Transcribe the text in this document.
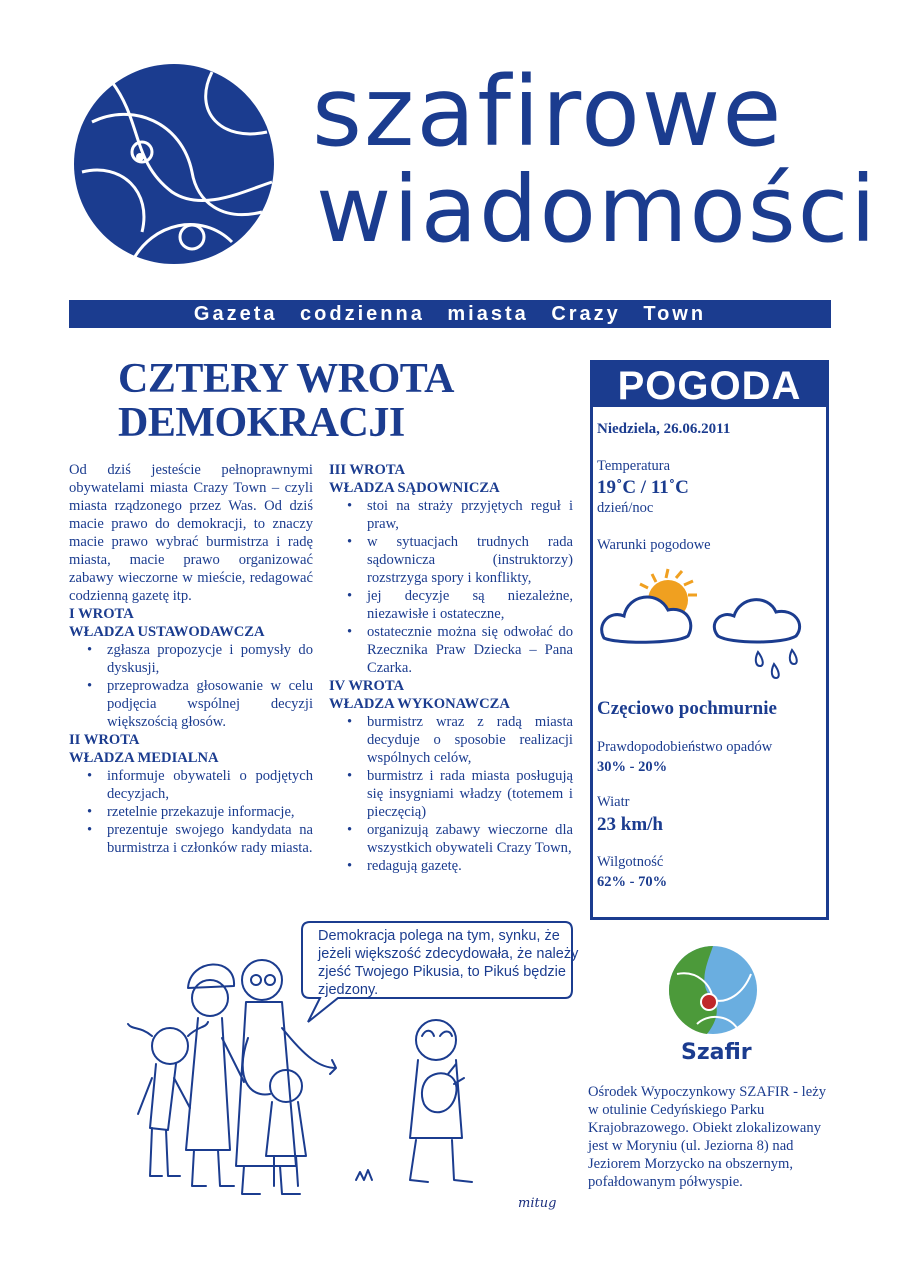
szafirowe
wiadomości
Gazeta codzienna miasta Crazy Town
CZTERY WROTA
DEMOKRACJI

Od dziś jesteście pełnoprawnymi obywatelami miasta Crazy Town – czyli miasta rządzonego przez Was. Od dziś macie prawo do demokracji, to znaczy macie prawo wybrać burmistrza i radę miasta, macie prawo organizować zabawy wieczorne w mieście, redagować codzienną gazetę itp.

I WROTA

WŁADZA USTAWODAWCZA

• zgłasza propozycje i pomysły do dyskusji,
• przeprowadza głosowanie w celu podjęcia wspólnej decyzji większością głosów.

II WROTA

WŁADZA MEDIALNA

• informuje obywateli o podjętych decyzjach,
• rzetelnie przekazuje informacje,
• prezentuje swojego kandydata na burmistrza i członków rady miasta.

III WROTA

WŁADZA SĄDOWNICZA

• stoi na straży przyjętych reguł i praw,
• w sytuacjach trudnych rada sądownicza (instruktorzy) rozstrzyga spory i konflikty,
• jej decyzje są niezależne, niezawisłe i ostateczne,
• ostatecznie można się odwołać do Rzecznika Praw Dziecka – Pana Czarka.

IV WROTA

WŁADZA WYKONAWCZA

• burmistrz wraz z radą miasta decyduje o sposobie realizacji wspólnych celów,
• burmistrz i rada miasta posługują się insygniami władzy (totemem i pieczęcią)
• organizują zabawy wieczorne dla wszystkich obywateli Crazy Town,
• redagują gazetę.
POGODA
Niedziela, 26.06.2011
Temperatura
19˚C / 11˚C
dzień/noc
Warunki pogodowe
Częciowo pochmurnie
Prawdopodobieństwo opadów
30% - 20%
Wiatr
23 km/h
Wilgotność
62% - 70%
Demokracja polega na tym, synku, że jeżeli większość zdecydowała, że należy zjeść Twojego Pikusia, to Pikuś będzie zjedzony.
mitug
Szafir
Ośrodek Wypoczynkowy SZAFIR - leży w otulinie Cedyńskiego Parku Krajobrazowego. Obiekt zlokalizowany jest w Moryniu (ul. Jeziorna 8) nad Jeziorem Morzycko na obszernym, pofałdowanym półwyspie.
